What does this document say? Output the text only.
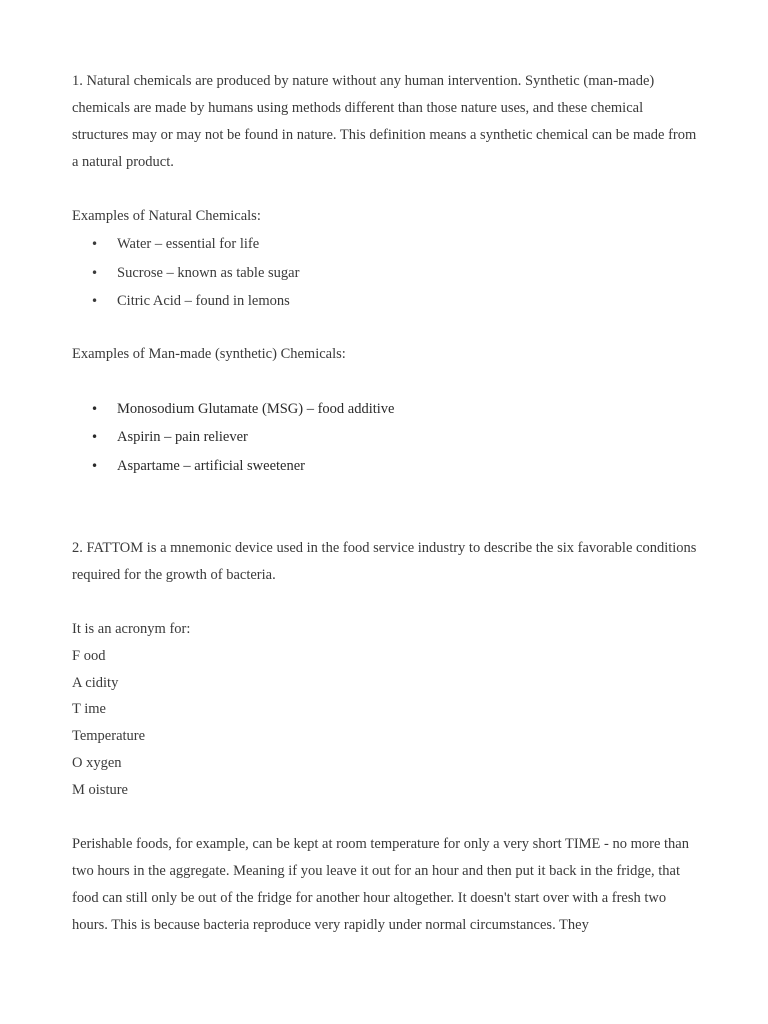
1. Natural chemicals are produced by nature without any human intervention. Synthetic (man-made) chemicals are made by humans using methods different than those nature uses, and these chemical structures may or may not be found in nature. This definition means a synthetic chemical can be made from a natural product.

Examples of Natural Chemicals:

• Water – essential for life
• Sucrose – known as table sugar
• Citric Acid – found in lemons

Examples of Man-made (synthetic) Chemicals:

• Monosodium Glutamate (MSG) – food additive
• Aspirin – pain reliever
• Aspartame – artificial sweetener

2. FATTOM is a mnemonic device used in the food service industry to describe the six favorable conditions required for the growth of bacteria.

It is an acronym for:

F ood

A cidity

T ime

Temperature

O xygen

M oisture

Perishable foods, for example, can be kept at room temperature for only a very short TIME - no more than two hours in the aggregate. Meaning if you leave it out for an hour and then put it back in the fridge, that food can still only be out of the fridge for another hour altogether. It doesn't start over with a fresh two hours. This is because bacteria reproduce very rapidly under normal circumstances. They
